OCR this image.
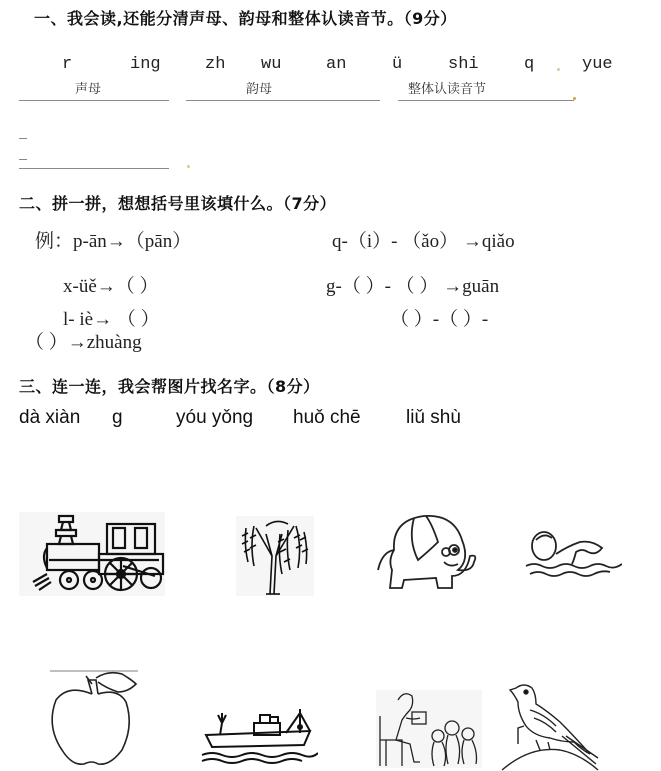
一、我会读,还能分清声母、韵母和整体认读音节。（9分）
r	ing	zh wu	an	ü	shi	q	yue
声母	韵母	整体认读音节
二、拼一拼，想想括号里该填什么。（7分）
例：p-ān→（pān）	q-（i）- （ǎo） →qiǎo
x-üě→（ ）	g-（ ）- （ ） →guān
l- iè→ （ ）	（ ）-（ ）-
（ ）→zhuàng
三、连一连，我会帮图片找名字。（8分）
dà xiàn g	yóu yǒng huǒ chē liǔ shù
